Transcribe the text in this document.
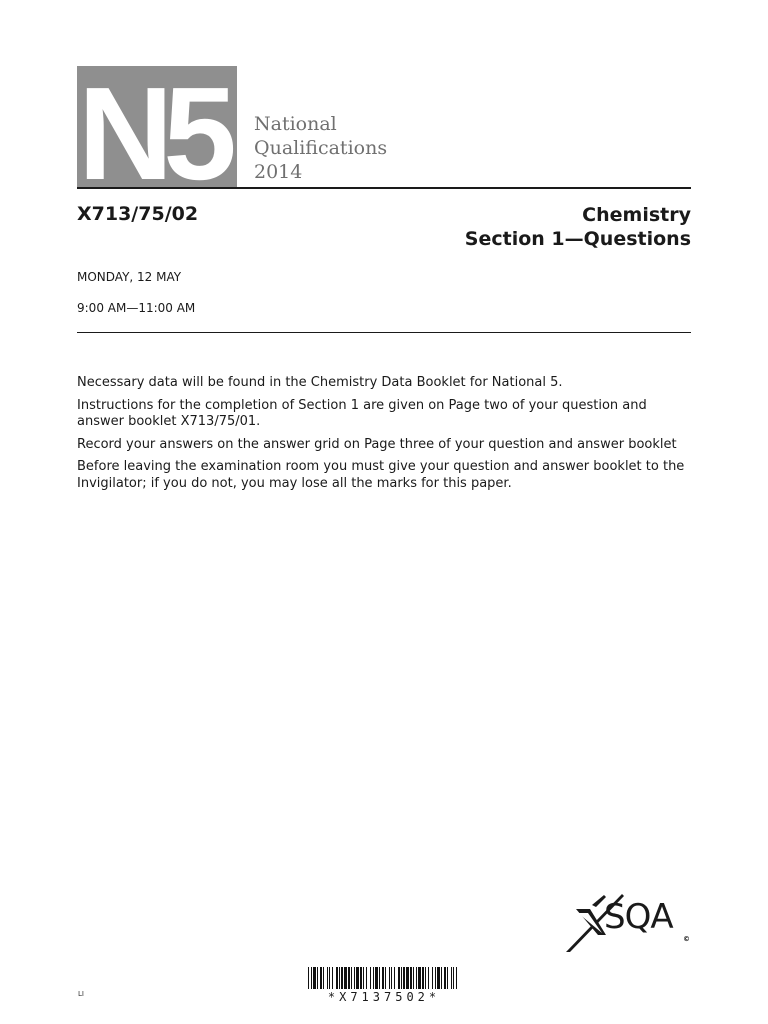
N5 National
Qualifications
2014
X713/75/02	Chemistry
Section 1—Questions
MONDAY, 12 MAY
9:00 AM—11:00 AM

Necessary data will be found in the Chemistry Data Booklet for National 5.

Instructions for the completion of Section 1 are given on Page two of your question and answer booklet X713/75/01.

Record your answers on the answer grid on Page three of your question and answer booklet

Before leaving the examination room you must give your question and answer booklet to the Invigilator; if you do not, you may lose all the marks for this paper.

SQA
©
*X7137502*
LI
